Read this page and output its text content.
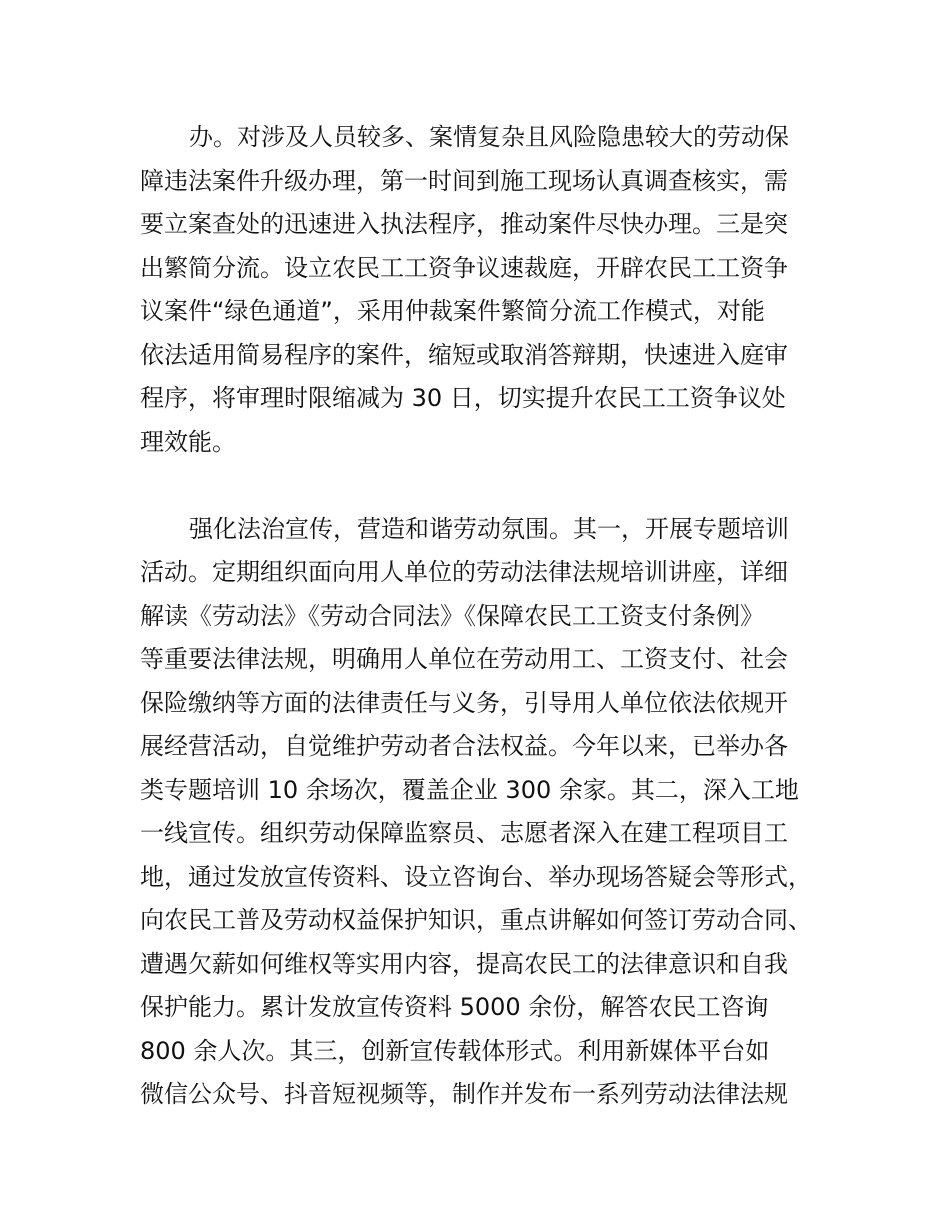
办。对涉及人员较多、案情复杂且风险隐患较大的劳动保
障违法案件升级办理，第一时间到施工现场认真调查核实，需
要立案查处的迅速进入执法程序，推动案件尽快办理。三是突
出繁简分流。设立农民工工资争议速裁庭，开辟农民工工资争
议案件“绿色通道”，采用仲裁案件繁简分流工作模式，对能
依法适用简易程序的案件，缩短或取消答辩期，快速进入庭审
程序，将审理时限缩减为 30 日，切实提升农民工工资争议处
理效能。
强化法治宣传，营造和谐劳动氛围。其一，开展专题培训
活动。定期组织面向用人单位的劳动法律法规培训讲座，详细
解读《劳动法》《劳动合同法》《保障农民工工资支付条例》
等重要法律法规，明确用人单位在劳动用工、工资支付、社会
保险缴纳等方面的法律责任与义务，引导用人单位依法依规开
展经营活动，自觉维护劳动者合法权益。今年以来，已举办各
类专题培训 10 余场次，覆盖企业 300 余家。其二，深入工地
一线宣传。组织劳动保障监察员、志愿者深入在建工程项目工
地，通过发放宣传资料、设立咨询台、举办现场答疑会等形式，
向农民工普及劳动权益保护知识，重点讲解如何签订劳动合同、
遭遇欠薪如何维权等实用内容，提高农民工的法律意识和自我
保护能力。累计发放宣传资料 5000 余份，解答农民工咨询
800 余人次。其三，创新宣传载体形式。利用新媒体平台如
微信公众号、抖音短视频等，制作并发布一系列劳动法律法规
